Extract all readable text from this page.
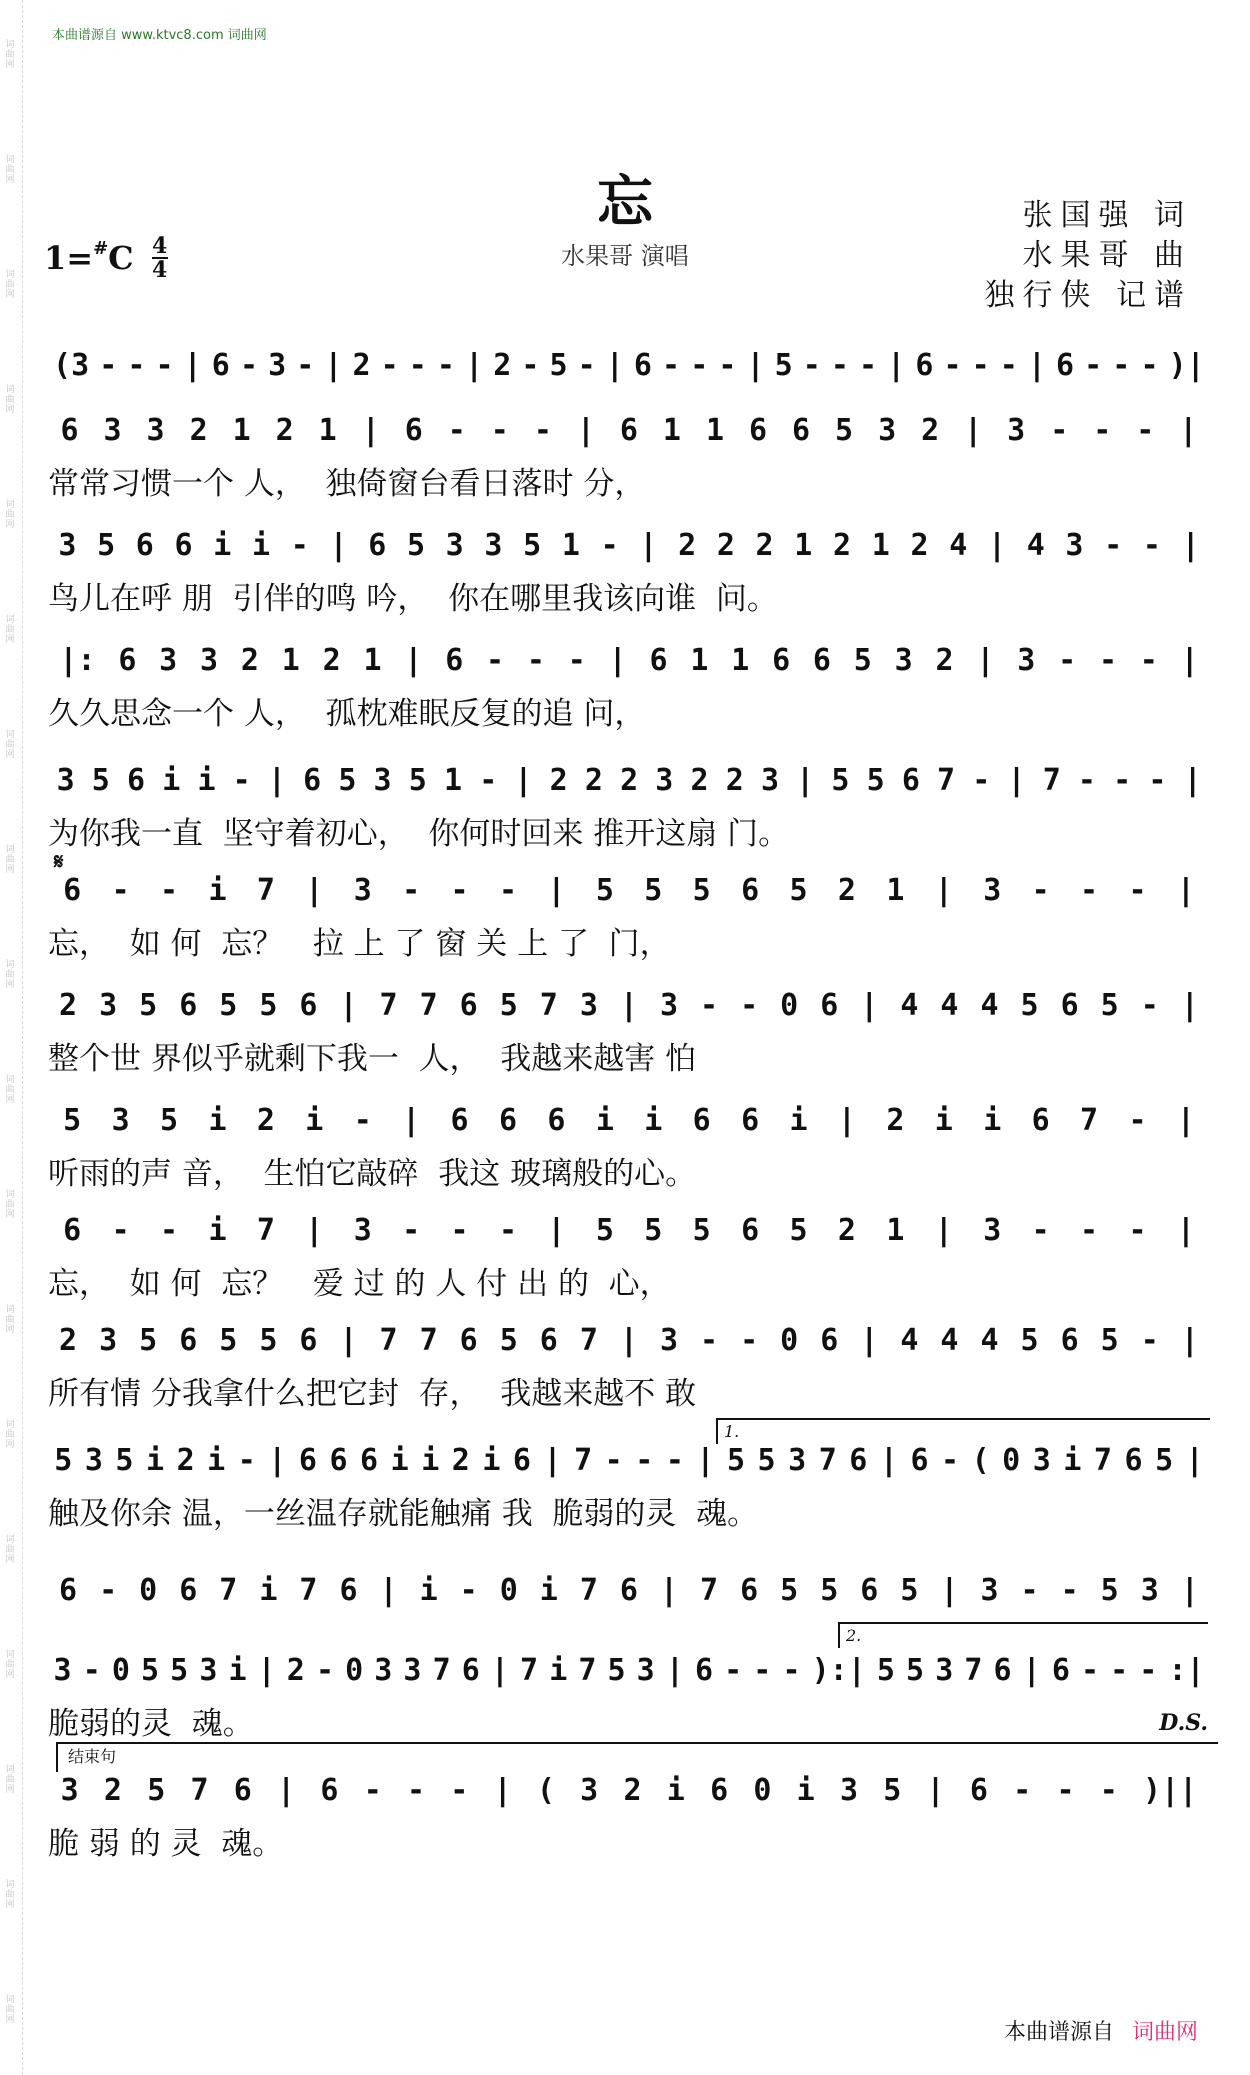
词曲网
词曲网
词曲网
词曲网
词曲网
词曲网
词曲网
词曲网
词曲网
词曲网
词曲网
词曲网
词曲网
词曲网
词曲网
词曲网
词曲网
词曲网
本曲谱源自 www.ktvc8.com 词曲网
忘
水果哥 演唱
张国强 词
水果哥 曲
独行侠 记谱
1=# C 4
4
𝄋
1.
2.
D.S.
结束句
(3 - - - | 6 - 3 - | 2 - - - | 2 - 5 - | 6 - - - | 5 - - - | 6 - - - | 6 - - - )|
6 3 3 2 1 2 1 | 6 - - - | 6 1 1 6 6 5 3 2 | 3 - - - |
常常习惯一个 人，  独倚窗台看日落时 分，
3 5 6 6 i i - | 6 5 3 3 5 1 - | 2 2 2 1 2 1 2 4 | 4 3 - - |
鸟儿在呼 朋  引伴的鸣 吟，  你在哪里我该向谁  问。
|: 6 3 3 2 1 2 1 | 6 - - - | 6 1 1 6 6 5 3 2 | 3 - - - |
久久思念一个 人，  孤枕难眠反复的追 问，
3 5 6 i i - | 6 5 3 5 1 - | 2 2 2 3 2 2 3 | 5 5 6 7 - | 7 - - - |
为你我一直  坚守着初心，  你何时回来 推开这扇 门。
6	-	-	i	7	|	3	-	-	-	|	5	5	5	6	5	2	1	|	3	-	-	-	|
忘，  如 何  忘？   拉 上 了 窗 关 上 了  门，
2 3 5 6 5 5 6 | 7 7 6 5 7 3 | 3 - - 0 6 | 4 4 4 5 6 5 - |
整个世 界似乎就剩下我一  人，  我越来越害 怕
5	3	5	i	2	i	-	|	6	6	6	i	i	6	6	i	|	2	i	i	6	7	-	|
听雨的声 音，  生怕它敲碎  我这 玻璃般的心。
6	-	-	i	7	|	3	-	-	-	|	5	5	5	6	5	2	1	|	3	-	-	-	|
忘，  如 何  忘？   爱 过 的 人 付 出 的  心，
2 3 5 6 5 5 6 | 7 7 6 5 6 7 | 3 - - 0 6 | 4 4 4 5 6 5 - |
所有情 分我拿什么把它封  存，  我越来越不 敢
5 3 5 i 2 i - | 6 6 6 i i 2 i 6 | 7 - - - | 5 5 3 7 6 | 6 - ( 0 3 i 7 6 5 |
触及你余 温，一丝温存就能触痛 我  脆弱的灵  魂。
6 - 0 6 7 i 7 6 | i - 0 i 7 6 | 7 6 5 5 6 5 | 3 - - 5 3 |
3 - 0 5 5 3 i | 2 - 0 3 3 7 6 | 7 i 7 5 3 | 6 - - - ):| 5 5 3 7 6 | 6 - - - :|
脆弱的灵  魂。
3 2 5 7 6 | 6 - - - | ( 3 2 i 6 0 i 3 5 | 6 - - - )||
脆 弱 的 灵  魂。
本曲谱源自 词曲网
